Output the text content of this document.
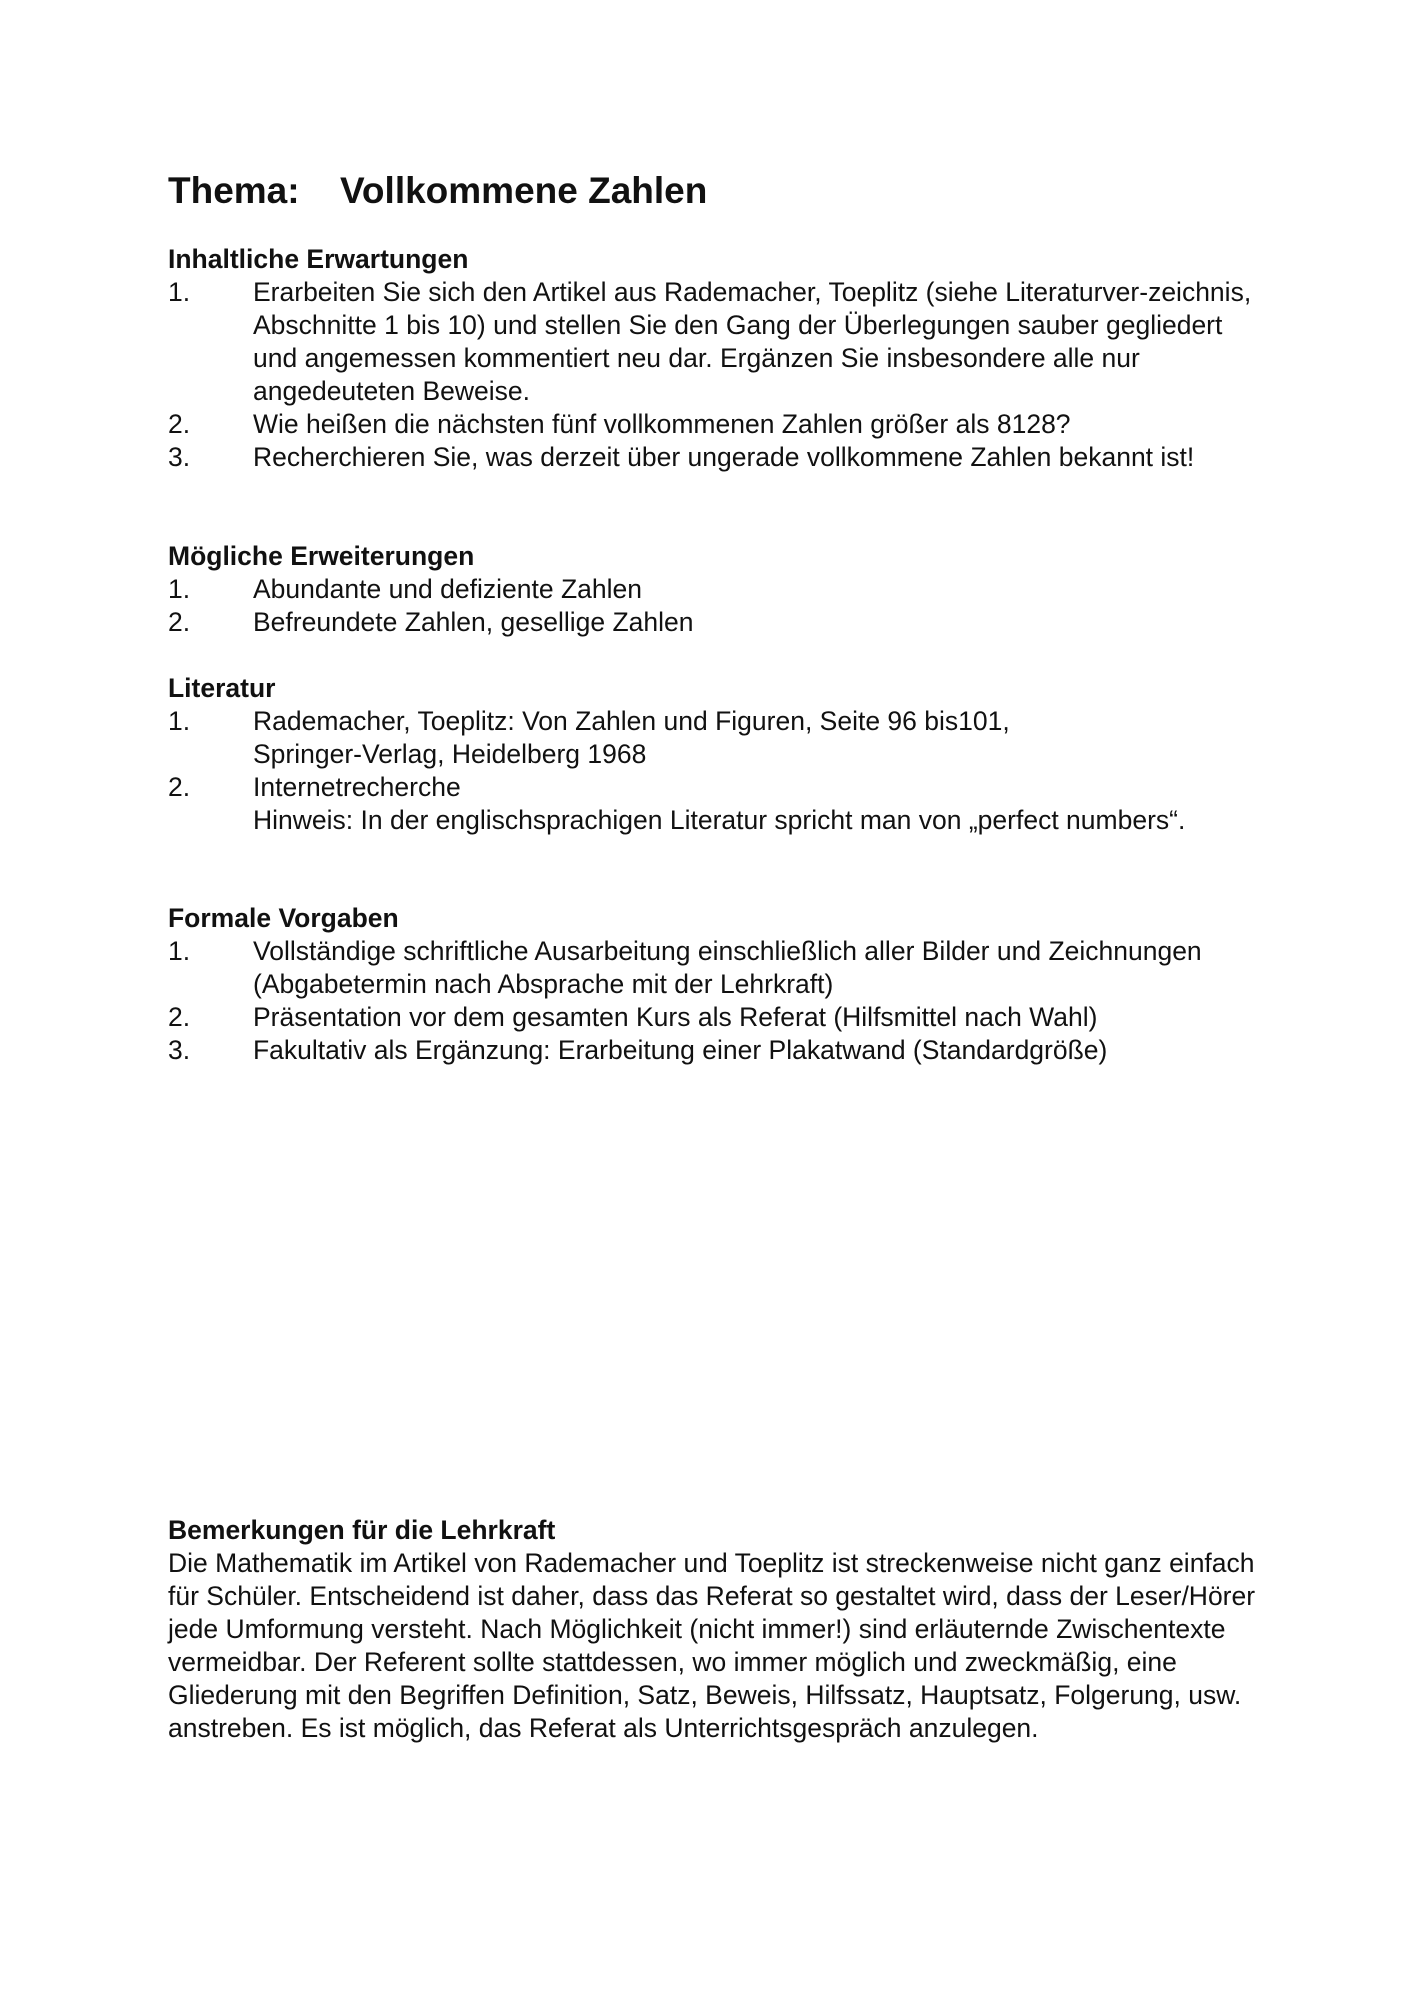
Thema: Vollkommene Zahlen
Inhaltliche Erwartungen
1. Erarbeiten Sie sich den Artikel aus Rademacher, Toeplitz (siehe Literaturver-zeichnis, Abschnitte 1 bis 10) und stellen Sie den Gang der Überlegungen sauber gegliedert und angemessen kommentiert neu dar. Ergänzen Sie insbesondere alle nur angedeuteten Beweise.
2. Wie heißen die nächsten fünf vollkommenen Zahlen größer als 8128?
3. Recherchieren Sie, was derzeit über ungerade vollkommene Zahlen bekannt ist!
Mögliche Erweiterungen
1. Abundante und defiziente Zahlen
2. Befreundete Zahlen, gesellige Zahlen
Literatur
1. Rademacher, Toeplitz: Von Zahlen und Figuren, Seite 96 bis101,
Springer-Verlag, Heidelberg 1968
2. Internetrecherche
Hinweis: In der englischsprachigen Literatur spricht man von „perfect numbers“.
Formale Vorgaben
1. Vollständige schriftliche Ausarbeitung einschließlich aller Bilder und Zeichnungen (Abgabetermin nach Absprache mit der Lehrkraft)
2. Präsentation vor dem gesamten Kurs als Referat (Hilfsmittel nach Wahl)
3. Fakultativ als Ergänzung: Erarbeitung einer Plakatwand (Standardgröße)
Bemerkungen für die Lehrkraft

Die Mathematik im Artikel von Rademacher und Toeplitz ist streckenweise nicht ganz einfach für Schüler. Entscheidend ist daher, dass das Referat so gestaltet wird, dass der Leser/Hörer jede Umformung versteht. Nach Möglichkeit (nicht immer!) sind erläuternde Zwischentexte vermeidbar. Der Referent sollte stattdessen, wo immer möglich und zweckmäßig, eine Gliederung mit den Begriffen Definition, Satz, Beweis, Hilfssatz, Hauptsatz, Folgerung, usw. anstreben. Es ist möglich, das Referat als Unterrichtsgespräch anzulegen.
